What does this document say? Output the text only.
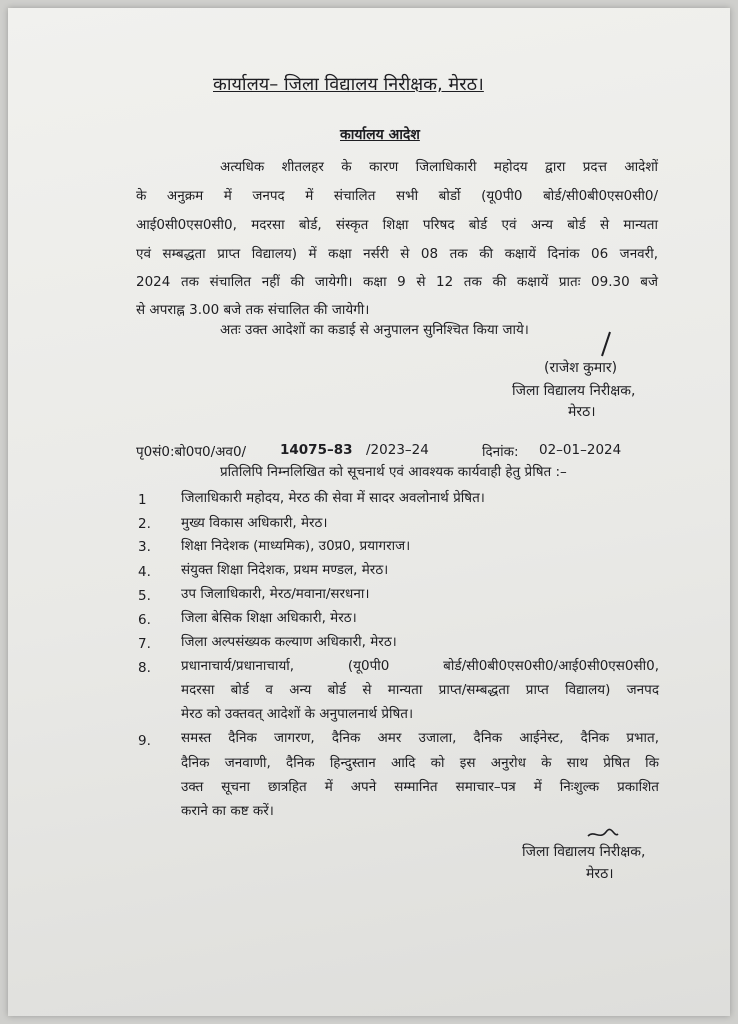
कार्यालय– जिला विद्यालय निरीक्षक, मेरठ।
कार्यालय आदेश
अत्यधिक शीतलहर के कारण जिलाधिकारी महोदय द्वारा प्रदत्त आदेशों
के अनुक्रम में जनपद में संचालित सभी बोर्डो (यू0पी0 बोर्ड/सी0बी0एस0सी0/
आई0सी0एस0सी0, मदरसा बोर्ड, संस्कृत शिक्षा परिषद बोर्ड एवं अन्य बोर्ड से मान्यता
एवं सम्बद्धता प्राप्त विद्यालय) में कक्षा नर्सरी से 08 तक की कक्षायें दिनांक 06 जनवरी,
2024 तक संचालित नहीं की जायेगी। कक्षा 9 से 12 तक की कक्षायें प्रातः 09.30 बजे
से अपराह्न 3.00 बजे तक संचालित की जायेगी।
अतः उक्त आदेशों का कडाई से अनुपालन सुनिश्चित किया जाये।
(राजेश कुमार)
जिला विद्यालय निरीक्षक,
मेरठ।
पृ0सं0:बो0प0/अव0/	14075–83 /2023–24	दिनांक: 02–01–2024
प्रतिलिपि निम्नलिखित को सूचनार्थ एवं आवश्यक कार्यवाही हेतु प्रेषित :–
1	जिलाधिकारी महोदय, मेरठ की सेवा में सादर अवलोनार्थ प्रेषित।
2. मुख्य विकास अधिकारी, मेरठ।
3. शिक्षा निदेशक (माध्यमिक), उ0प्र0, प्रयागराज।
4. संयुक्त शिक्षा निदेशक, प्रथम मण्डल, मेरठ।
5. उप जिलाधिकारी, मेरठ/मवाना/सरधना।
6. जिला बेसिक शिक्षा अधिकारी, मेरठ।
7. जिला अल्पसंख्यक कल्याण अधिकारी, मेरठ।
8. प्रधानाचार्य/प्रधानाचार्या, (यू0पी0 बोर्ड/सी0बी0एस0सी0/आई0सी0एस0सी0,
मदरसा बोर्ड व अन्य बोर्ड से मान्यता प्राप्त/सम्बद्धता प्राप्त विद्यालय) जनपद
मेरठ को उक्तवत् आदेशों के अनुपालनार्थ प्रेषित।
9. समस्त दैनिक जागरण, दैनिक अमर उजाला, दैनिक आईनेस्ट, दैनिक प्रभात,
दैनिक जनवाणी, दैनिक हिन्दुस्तान आदि को इस अनुरोध के साथ प्रेषित कि
उक्त सूचना छात्रहित में अपने सम्मानित समाचार–पत्र में निःशुल्क प्रकाशित
कराने का कष्ट करें।
जिला विद्यालय निरीक्षक,
मेरठ।
